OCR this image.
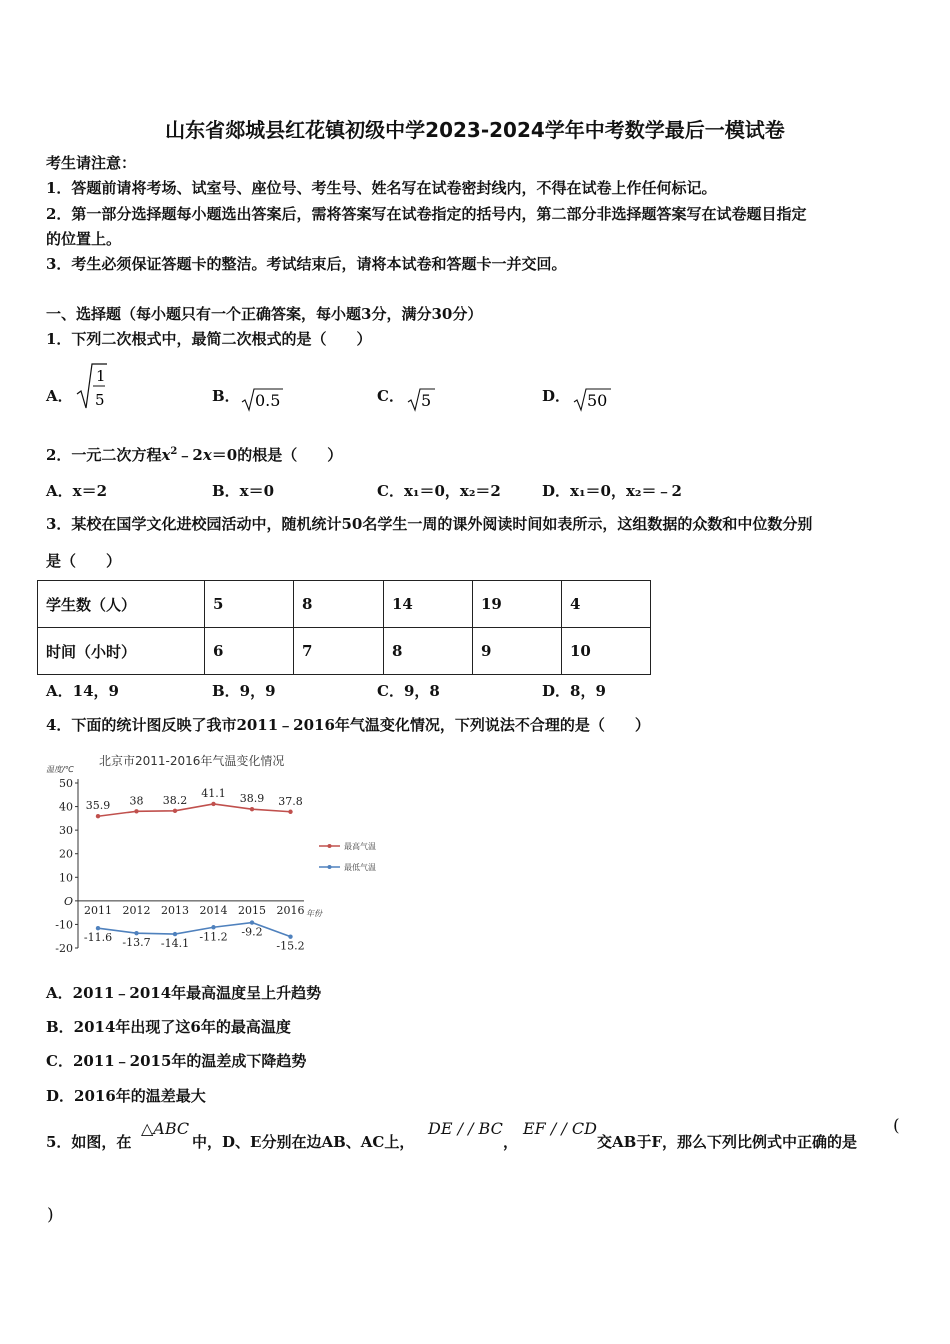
山东省郯城县红花镇初级中学2023-2024学年中考数学最后一模试卷
考生请注意：
1．答题前请将考场、试室号、座位号、考生号、姓名写在试卷密封线内，不得在试卷上作任何标记。
2．第一部分选择题每小题选出答案后，需将答案写在试卷指定的括号内，第二部分非选择题答案写在试卷题目指定
的位置上。
3．考生必须保证答题卡的整洁。考试结束后，请将本试卷和答题卡一并交回。
一、选择题（每小题只有一个正确答案，每小题3分，满分30分）
1．下列二次根式中，最简二次根式的是（　　）
A．
1
5	B． 0.5	C． 5	D． 50
2．一元二次方程$x^2﹣2x=0$的根是（　　）
A．x＝2	B．x＝0	C．x₁＝0，x₂＝2	D．x₁＝0，x₂＝﹣2
3．某校在国学文化进校园活动中，随机统计50名学生一周的课外阅读时间如表所示，这组数据的众数和中位数分别
是（　　）
学生数（人）	5	8	14	19	4
时间（小时）	6	7	8	9	10
A．14，9	B．9，9	C．9，8	D．8，9
4．下面的统计图反映了我市2011﹣2016年气温变化情况，下列说法不合理的是（　　）
北京市2011-2016年气温变化情况
温度/℃
年份
50
40
30
20
10
O
-10
-20
2011 2012 2013 2014 2015 2016
35.9 38 38.2
41.1 38.9 37.8
最高气温
-11.6 -13.7 -14.1
-11.2 -9.2
-15.2
最低气温
A．2011﹣2014年最高温度呈上升趋势
B．2014年出现了这6年的最高温度
C．2011﹣2015年的温差成下降趋势
D．2016年的温差最大
5．如图，在
△ABC
中，D、E分别在边AB、AC上，
DE / / BC
，
EF / / CD
交AB于F，那么下列比例式中正确的是
(
)
